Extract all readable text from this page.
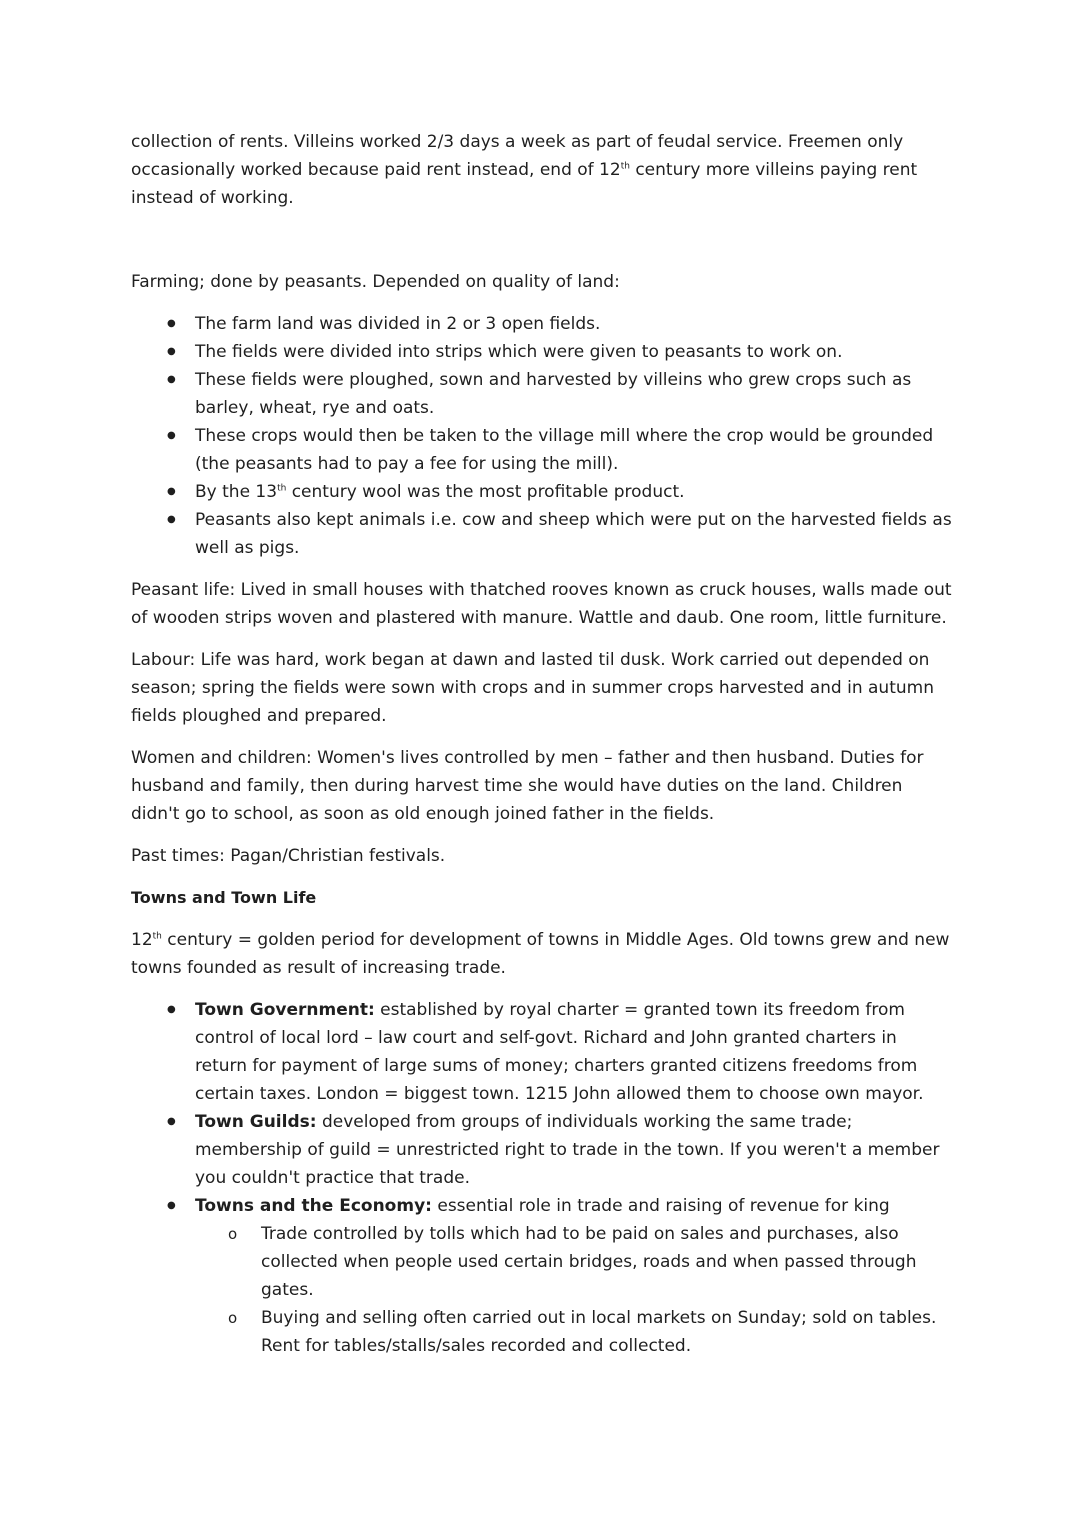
collection of rents. Villeins worked 2/3 days a week as part of feudal service. Freemen only occasionally worked because paid rent instead, end of 12th century more villeins paying rent instead of working.

Farming; done by peasants. Depended on quality of land:

● The farm land was divided in 2 or 3 open fields.
● The fields were divided into strips which were given to peasants to work on.
● These fields were ploughed, sown and harvested by villeins who grew crops such as barley, wheat, rye and oats.
● These crops would then be taken to the village mill where the crop would be grounded (the peasants had to pay a fee for using the mill).
● By the 13th century wool was the most profitable product.
● Peasants also kept animals i.e. cow and sheep which were put on the harvested fields as well as pigs.

Peasant life: Lived in small houses with thatched rooves known as cruck houses, walls made out of wooden strips woven and plastered with manure. Wattle and daub. One room, little furniture.

Labour: Life was hard, work began at dawn and lasted til dusk. Work carried out depended on season; spring the fields were sown with crops and in summer crops harvested and in autumn fields ploughed and prepared.

Women and children: Women's lives controlled by men – father and then husband. Duties for husband and family, then during harvest time she would have duties on the land. Children didn't go to school, as soon as old enough joined father in the fields.

Past times: Pagan/Christian festivals.

Towns and Town Life

12th century = golden period for development of towns in Middle Ages. Old towns grew and new towns founded as result of increasing trade.

● Town Government: established by royal charter = granted town its freedom from control of local lord – law court and self-govt. Richard and John granted charters in return for payment of large sums of money; charters granted citizens freedoms from certain taxes. London = biggest town. 1215 John allowed them to choose own mayor.
● Town Guilds: developed from groups of individuals working the same trade; membership of guild = unrestricted right to trade in the town. If you weren't a member you couldn't practice that trade.
● Towns and the Economy: essential role in trade and raising of revenue for king
o Trade controlled by tolls which had to be paid on sales and purchases, also collected when people used certain bridges, roads and when passed through gates.
o Buying and selling often carried out in local markets on Sunday; sold on tables. Rent for tables/stalls/sales recorded and collected.
